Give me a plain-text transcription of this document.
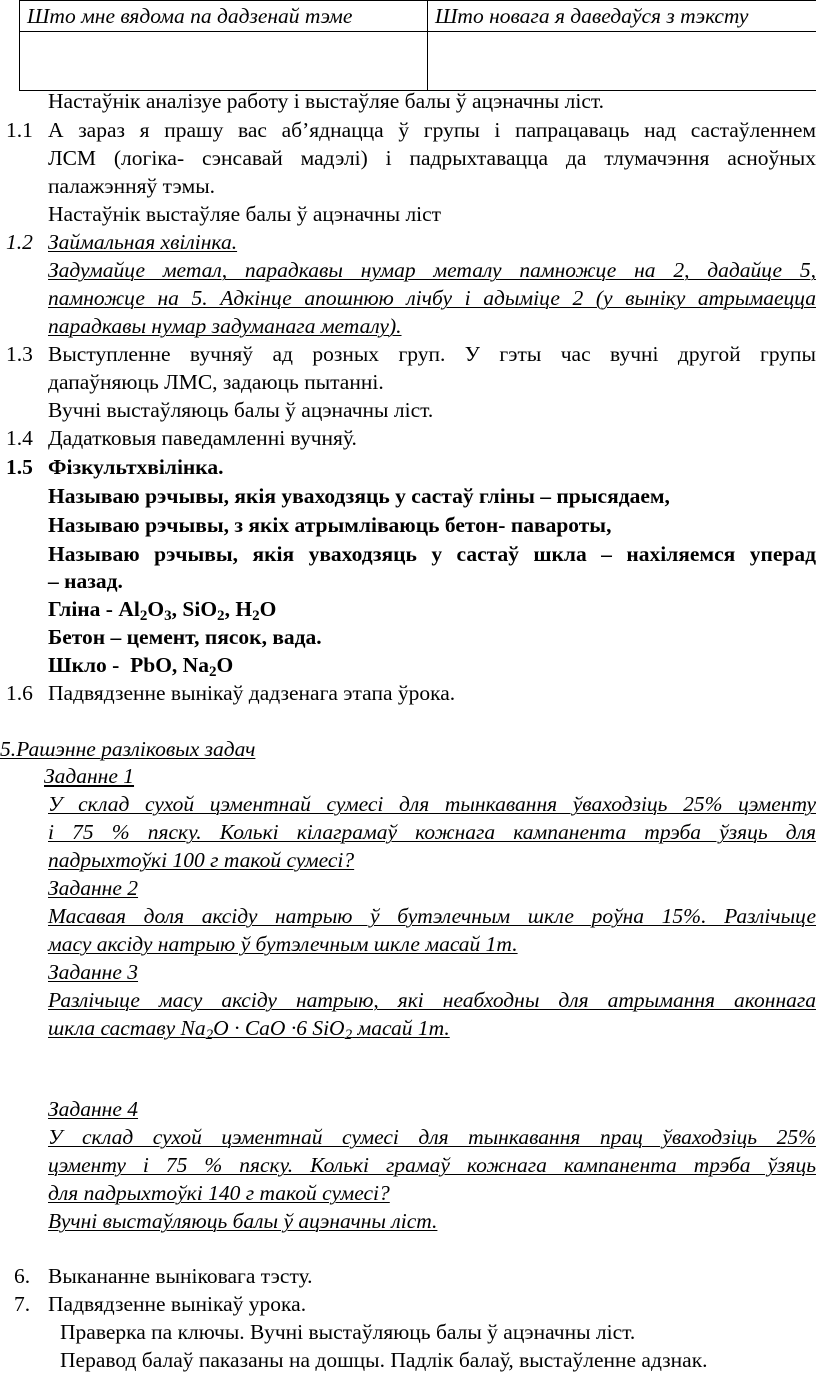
Што мне вядома па дадзенай тэме	Што новага я даведаўся з тэксту

Настаўнік аналізуе работу і выстаўляе балы ў ацэначны ліст.
1.1 А зараз я прашу вас аб’яднацца ў групы і папрацаваць над састаўленнем
ЛСМ (логіка- сэнсавай мадэлі) і падрыхтавацца да тлумачэння асноўных
палажэнняў тэмы.
Настаўнік выстаўляе балы ў ацэначны ліст
1.2 Займальная хвілінка.
Задумайце метал, парадкавы нумар металу памножце на 2, дадайце 5,
памножце на 5. Адкінце апошнюю лічбу і адыміце 2 (у выніку атрымаецца
парадкавы нумар задуманага металу).
1.3 Выступленне вучняў ад розных груп. У гэты час вучні другой групы
дапаўняюць ЛМС, задаюць пытанні.
Вучні выстаўляюць балы ў ацэначны ліст.
1.4 Дадатковыя паведамленні вучняў.
1.5 Фізкультхвілінка.
Называю рэчывы, якія уваходзяць у састаў гліны – прысядаем,
Называю рэчывы, з якіх атрымліваюць бетон- павароты,
Называю рэчывы, якія уваходзяць у састаў шкла – нахіляемся уперад
– назад.
Гліна - $Al_2O_3$, SiO$_2$, $H_2O$
Бетон – цемент, пясок, вада.
Шкло - PbO, $Na_2O$
1.6 Падвядзенне вынікаў дадзенага этапа ўрока.
5.Рашэнне разліковых задач
Заданне 1
У склад сухой цэментнай сумесі для тынкавання ўваходзіць 25% цэменту
і 75 % пяску. Колькі кілаграмаў кожнага кампанента трэба ўзяць для
падрыхтоўкі 100 г такой сумесі?
Заданне 2
Масавая доля аксіду натрыю ў бутэлечным шкле роўна 15%. Разлічыце
масу аксіду натрыю ў бутэлечным шкле масай 1т.
Заданне 3
Разлічыце масу аксіду натрыю, які неабходны для атрымання аконнага
шкла саставу $Na_2O$ · CaO ·6 SiO$_2$ масай 1т.
Заданне 4
У склад сухой цэментнай сумесі для тынкавання прац ўваходзіць 25%
цэменту і 75 % пяску. Колькі грамаў кожнага кампанента трэба ўзяць
для падрыхтоўкі 140 г такой сумесі?
Вучні выстаўляюць балы ў ацэначны ліст.
6. Выкананне выніковага тэсту.
7. Падвядзенне вынікаў урока.
Праверка па ключы. Вучні выстаўляюць балы ў ацэначны ліст.
Перавод балаў паказаны на дошцы. Падлік балаў, выстаўленне адзнак.
